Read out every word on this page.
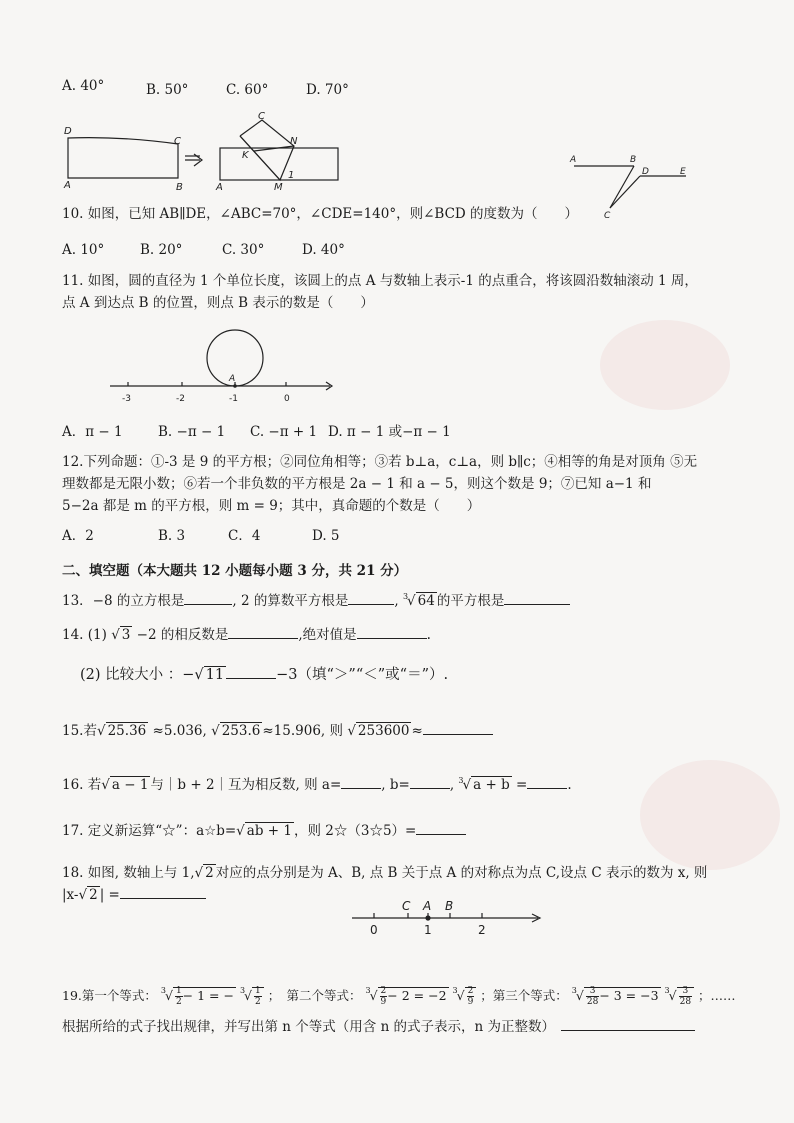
A. 40°	B. 50°	C. 60°	D. 70°
D
C
A	B
C
N
K
A	M
1
A	B
C
D	E
10. 如图，已知 AB∥DE，∠ABC=70°，∠CDE=140°，则∠BCD 的度数为（　　）
A. 10°	B. 20°	C. 30°	D. 40°
11. 如图，圆的直径为 1 个单位长度，该圆上的点 A 与数轴上表示-1 的点重合，将该圆沿数轴滚动 1 周，
点 A 到达点 B 的位置，则点 B 表示的数是（　　）
-3	-2	-1	0
A
A．π − 1	B. −π − 1 C. −π + 1 D. π − 1 或−π − 1
12.下列命题：①-3 是 9 的平方根；②同位角相等；③若 b⊥a，c⊥a，则 b∥c；④相等的角是对顶角 ⑤无
理数都是无限小数；⑥若一个非负数的平方根是 2a − 1 和 a − 5，则这个数是 9；⑦已知 a−1 和
5−2a 都是 m 的平方根，则 m = 9；其中，真命题的个数是（　　）
A．2	B. 3	C．4	D. 5
二、填空题（本大题共 12 小题每小题 3 分，共 21 分）
13．−8 的立方根是	, 2 的算数平方根是	, $^3$√ 64 的平方根是
14. (1) √ 3 −2 的相反数是	,绝对值是	.
(2) 比较大小 ：−√ 11	−3（填“＞”“＜”或“＝”）.
15.若√ 25.36 ≈5.036, √ 253.6 ≈15.906, 则 √ 253600 ≈
16. 若√ a − 1 与｜b + 2｜互为相反数, 则 a=	, b=	, $^3$√ a + b =	.
17. 定义新运算“☆”：a☆b=√ ab + 1 ，则 2☆（3☆5）=
18. 如图, 数轴上与 1,√ 2 对应的点分别是为 A、B, 点 B 关于点 A 的对称点为点 C,设点 C 表示的数为 x, 则
|x-√ 2 | =
C A B
0	1	2
19.第一个等式： $^3√ \frac{1}{2} - 1$ = − $^3√ \frac{1}{2}$ ；　第二个等式： $^3√ \frac{2}{9} - 2 = -2$ $^3√ \frac{2}{9}$ ；第三个等式： $^3√ \frac{3}{28} - 3 = -3$ $^3√ \frac{3}{28}$ ；……
根据所给的式子找出规律，并写出第 n 个等式（用含 n 的式子表示，n 为正整数）
